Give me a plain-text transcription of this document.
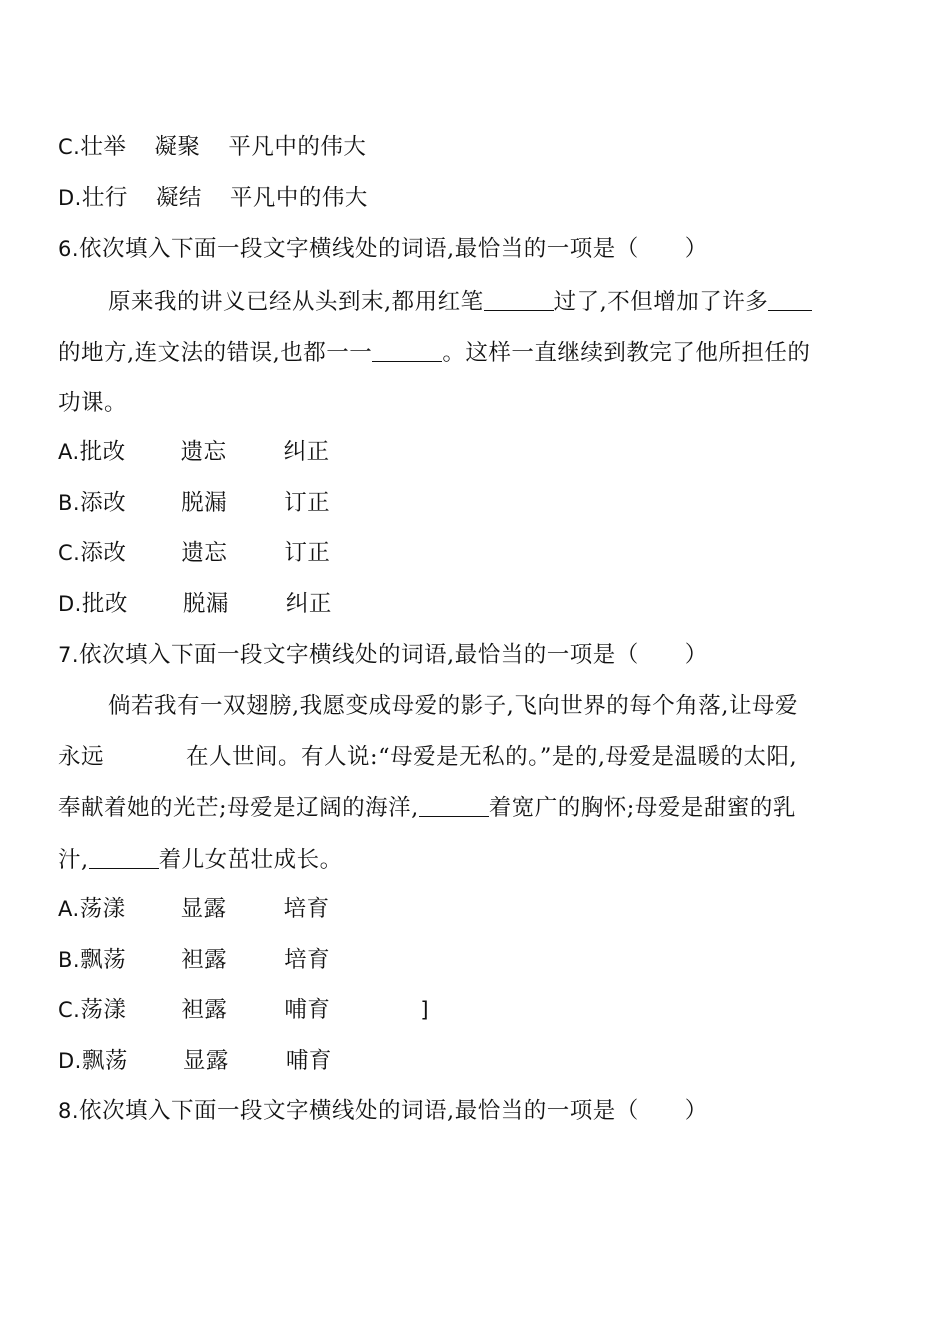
C.壮举 凝聚 平凡中的伟大
D.壮行 凝结 平凡中的伟大
6.依次填入下面一段文字横线处的词语,最恰当的一项是（　　）
原来我的讲义已经从头到末,都用红笔	过了,不但增加了许多
的地方,连文法的错误,也都一一	。这样一直继续到教完了他所担任的
功课。
A.批改 遗忘	纠正
B.添改 脱漏	订正
C.添改 遗忘	订正
D.批改 脱漏	纠正
7.依次填入下面一段文字横线处的词语,最恰当的一项是（　　）
倘若我有一双翅膀,我愿变成母爱的影子,飞向世界的每个角落,让母爱
永远	在人世间。有人说:“母爱是无私的。”是的,母爱是温暖的太阳,
奉献着她的光芒;母爱是辽阔的海洋,	着宽广的胸怀;母爱是甜蜜的乳
汁,	着儿女茁壮成长。
A.荡漾 显露	培育
B.飘荡 袒露	培育
C.荡漾 袒露	哺育	]
D.飘荡 显露	哺育
8.依次填入下面一段文字横线处的词语,最恰当的一项是（　　）
